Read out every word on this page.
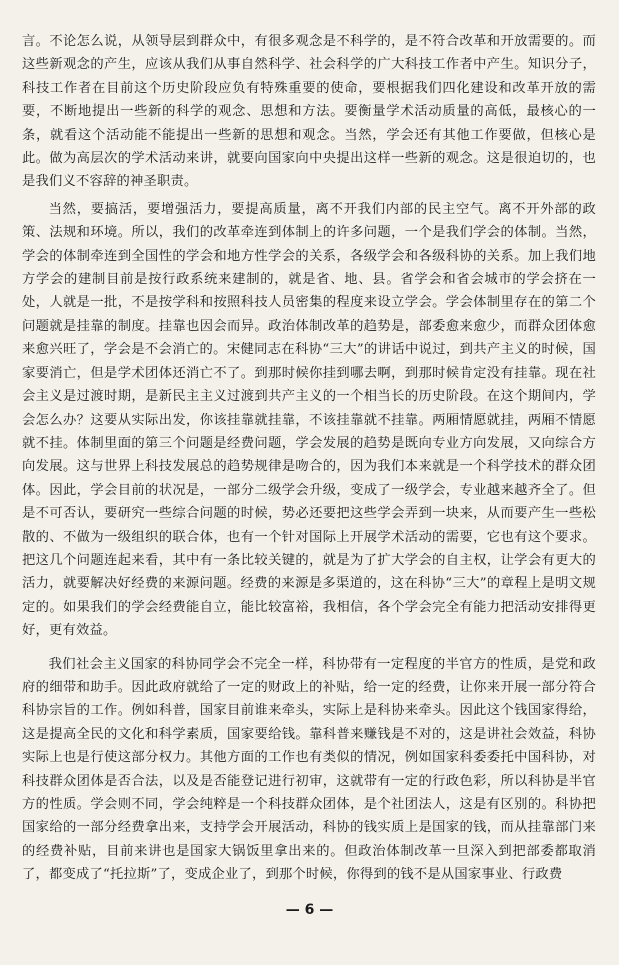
言。不论怎么说，从领导层到群众中，有很多观念是不科学的，是不符合改革和开放需要的。而这些新观念的产生，应该从我们从事自然科学、社会科学的广大科技工作者中产生。知识分子，科技工作者在目前这个历史阶段应负有特殊重要的使命，要根据我们四化建设和改革开放的需要，不断地提出一些新的科学的观念、思想和方法。要衡量学术活动质量的高低，最核心的一条，就看这个活动能不能提出一些新的思想和观念。当然，学会还有其他工作要做，但核心是此。做为高层次的学术活动来讲，就要向国家向中央提出这样一些新的观念。这是很迫切的，也是我们义不容辞的神圣职责。

当然，要搞活，要增强活力，要提高质量，离不开我们内部的民主空气。离不开外部的政策、法规和环境。所以，我们的改革牵连到体制上的许多问题，一个是我们学会的体制。当然，学会的体制牵连到全国性的学会和地方性学会的关系，各级学会和各级科协的关系。加上我们地方学会的建制目前是按行政系统来建制的，就是省、地、县。省学会和省会城市的学会挤在一处，人就是一批，不是按学科和按照科技人员密集的程度来设立学会。学会体制里存在的第二个问题就是挂靠的制度。挂靠也因会而异。政治体制改革的趋势是，部委愈来愈少，而群众团体愈来愈兴旺了，学会是不会消亡的。宋健同志在科协“三大”的讲话中说过，到共产主义的时候，国家要消亡，但是学术团体还消亡不了。到那时候你挂到哪去啊，到那时候肯定没有挂靠。现在社会主义是过渡时期，是新民主主义过渡到共产主义的一个相当长的历史阶段。在这个期间内，学会怎么办？这要从实际出发，你该挂靠就挂靠，不该挂靠就不挂靠。两厢情愿就挂，两厢不情愿就不挂。体制里面的第三个问题是经费问题，学会发展的趋势是既向专业方向发展，又向综合方向发展。这与世界上科技发展总的趋势规律是吻合的，因为我们本来就是一个科学技术的群众团体。因此，学会目前的状况是，一部分二级学会升级，变成了一级学会，专业越来越齐全了。但是不可否认，要研究一些综合问题的时候，势必还要把这些学会弄到一块来，从而要产生一些松散的、不做为一级组织的联合体，也有一个针对国际上开展学术活动的需要，它也有这个要求。把这几个问题连起来看，其中有一条比较关键的，就是为了扩大学会的自主权，让学会有更大的活力，就要解决好经费的来源问题。经费的来源是多渠道的，这在科协“三大”的章程上是明文规定的。如果我们的学会经费能自立，能比较富裕，我相信，各个学会完全有能力把活动安排得更好，更有效益。

我们社会主义国家的科协同学会不完全一样，科协带有一定程度的半官方的性质，是党和政府的细带和助手。因此政府就给了一定的财政上的补贴，给一定的经费，让你来开展一部分符合科协宗旨的工作。例如科普，国家目前谁来牵头，实际上是科协来牵头。因此这个钱国家得给，这是提高全民的文化和科学素质，国家要给钱。靠科普来赚钱是不对的，这是讲社会效益，科协实际上也是行使这部分权力。其他方面的工作也有类似的情况，例如国家科委委托中国科协，对科技群众团体是否合法，以及是否能登记进行初审，这就带有一定的行政色彩，所以科协是半官方的性质。学会则不同，学会纯粹是一个科技群众团体，是个社团法人，这是有区别的。科协把国家给的一部分经费拿出来，支持学会开展活动，科协的钱实质上是国家的钱，而从挂靠部门来的经费补贴，目前来讲也是国家大锅饭里拿出来的。但政治体制改革一旦深入到把部委都取消了，都变成了“托拉斯”了，变成企业了，到那个时候，你得到的钱不是从国家事业、行政费

— 6 —
